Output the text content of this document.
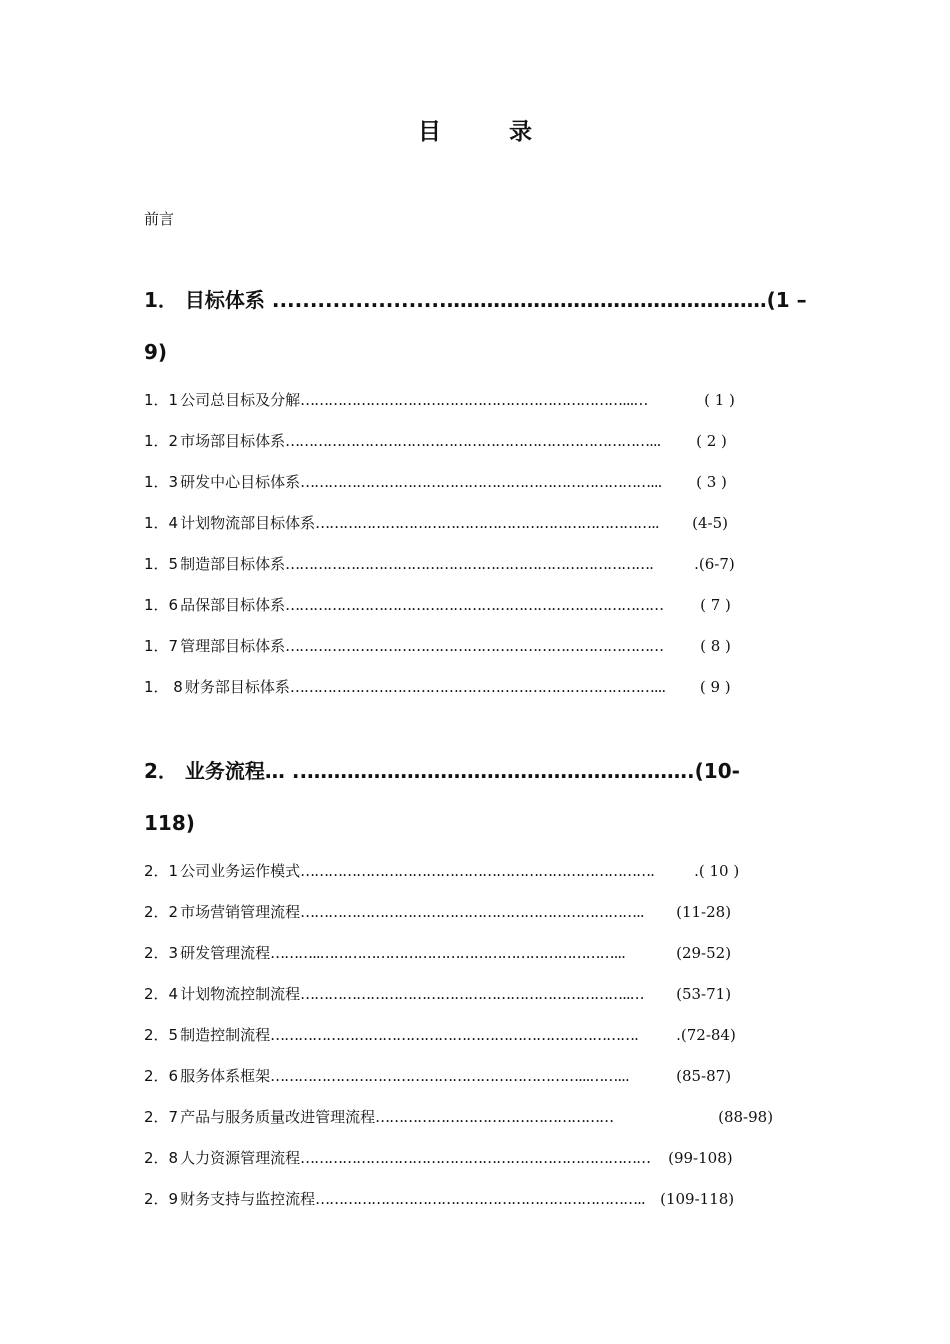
目 录
前言
1． 目标体系 .......................…………………………………………(1 –
9)
1．1 公司总目标及分解……………………………………………………………...…	( 1 )
1．2 市场部目标体系……………………………………………………………………... ( 2 )
1．3 研发中心目标体系…………………………………………………………………... ( 3 )
1．4 计划物流部目标体系……………………………………………………………….. (4-5)
1．5 制造部目标体系…………………………………………………………………….	.(6-7)
1．6 品保部目标体系……………………………………………………………………… ( 7 )
1．7 管理部目标体系……………………………………………………………………… ( 8 )
1． 8 财务部目标体系……………………………………………………………………... ( 9 )
2． 业务流程… ..………………………………………………….(10-
118)
2．1 公司业务运作模式………………………………………………………………….	.( 10 )
2．2 市场营销管理流程……………………………………………………………….. (11-28)
2．3 研发管理流程………..………………………………………………………...	(29-52)
2．4 计划物流控制流程……………………………………………………………..… (53-71)
2．5 制造控制流程…………………………………………………………………….	.(72-84)
2．6 服务体系框架…………………………………………………………...……...	(85-87)
2．7 产品与服务质量改进管理流程……………………………………………	(88-98)
2．8 人力资源管理流程………………………………………………………………… (99-108)
2．9 财务支持与监控流程…………………………………………………………….. (109-118)
